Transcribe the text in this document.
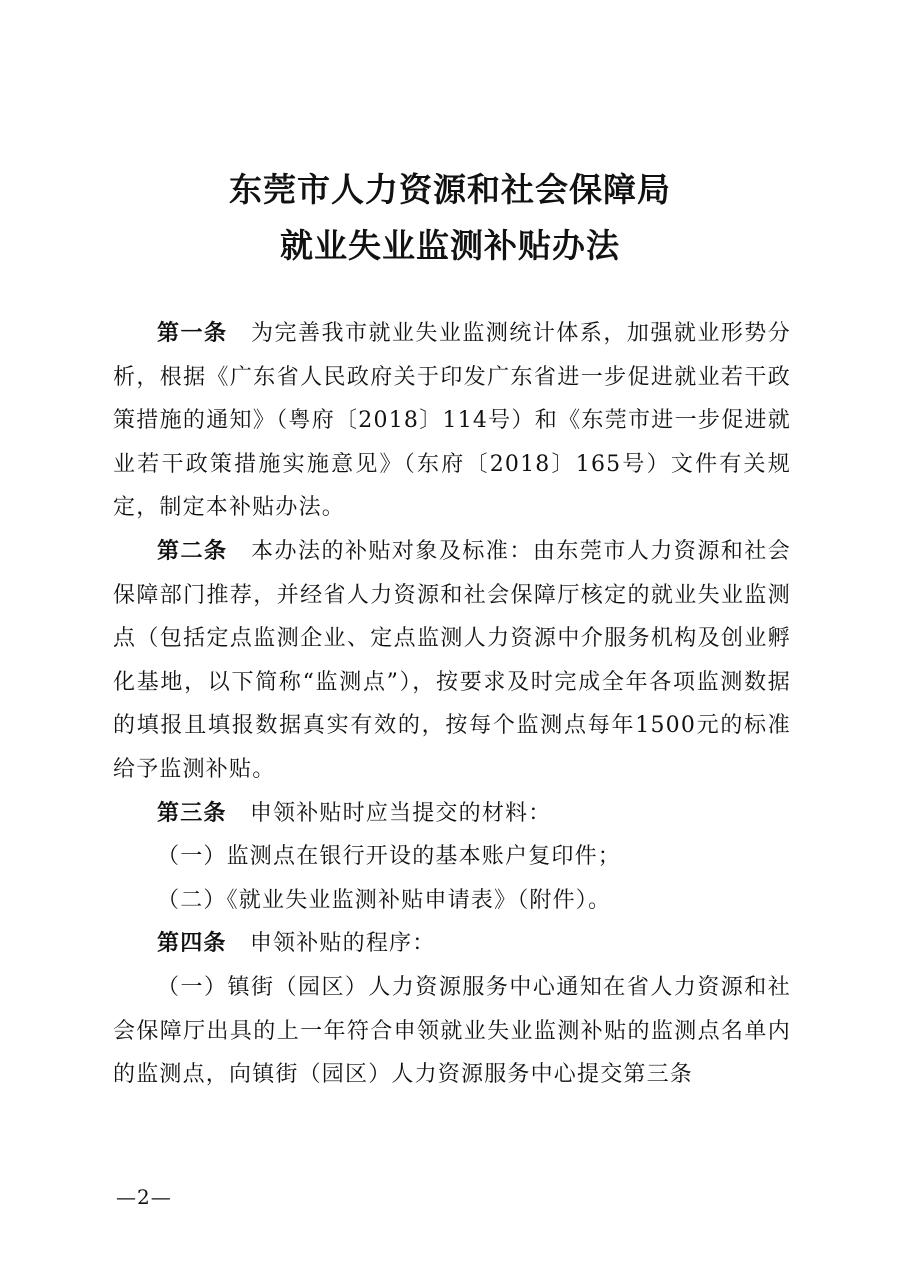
东莞市人力资源和社会保障局
就业失业监测补贴办法

第一条　 为完善我市就业失业监测统计体系，加强就业形势分析，根据《广东省人民政府关于印发广东省进一步促进就业若干政策措施的通知》（粤府〔2018〕114号）和《东莞市进一步促进就业若干政策措施实施意见》（东府〔2018〕165号）文件有关规定，制定本补贴办法。

第二条　 本办法的补贴对象及标准：由东莞市人力资源和社会保障部门推荐，并经省人力资源和社会保障厅核定的就业失业监测点（包括定点监测企业、定点监测人力资源中介服务机构及创业孵化基地，以下简称“监测点”），按要求及时完成全年各项监测数据的填报且填报数据真实有效的，按每个监测点每年1500元的标准给予监测补贴。

第三条　 申领补贴时应当提交的材料：

（一）监测点在银行开设的基本账户复印件；

（二）《就业失业监测补贴申请表》（附件）。

第四条　 申领补贴的程序：

（一）镇街（园区）人力资源服务中心通知在省人力资源和社会保障厅出具的上一年符合申领就业失业监测补贴的监测点名单内的监测点，向镇街（园区）人力资源服务中心提交第三条

—2—
